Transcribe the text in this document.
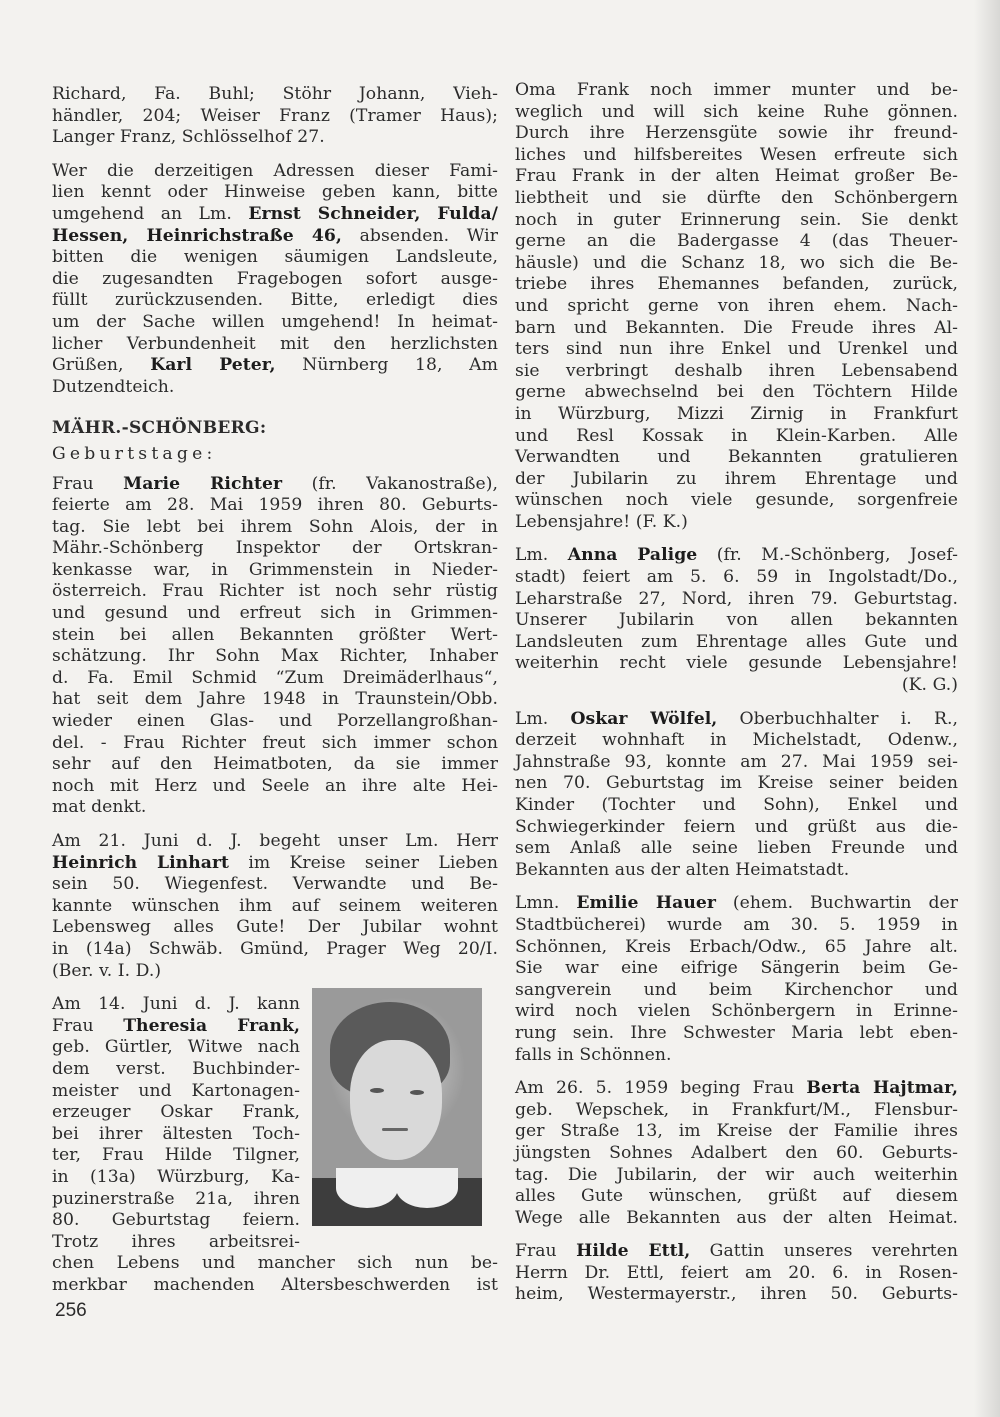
Richard, Fa. Buhl; Stöhr Johann, Vieh-
händler, 204; Weiser Franz (Tramer Haus);
Langer Franz, Schlösselhof 27.
Wer die derzeitigen Adressen dieser Fami-
lien kennt oder Hinweise geben kann, bitte
umgehend an Lm. Ernst Schneider, Fulda/
Hessen, Heinrichstraße 46, absenden. Wir
bitten die wenigen säumigen Landsleute,
die zugesandten Fragebogen sofort ausge-
füllt zurückzusenden. Bitte, erledigt dies
um der Sache willen umgehend! In heimat-
licher Verbundenheit mit den herzlichsten
Grüßen, Karl Peter, Nürnberg 18, Am
Dutzendteich.
MÄHR.-SCHÖNBERG:
Geburtstage:
Frau Marie Richter (fr. Vakanostraße),
feierte am 28. Mai 1959 ihren 80. Geburts-
tag. Sie lebt bei ihrem Sohn Alois, der in
Mähr.-Schönberg Inspektor der Ortskran-
kenkasse war, in Grimmenstein in Nieder-
österreich. Frau Richter ist noch sehr rüstig
und gesund und erfreut sich in Grimmen-
stein bei allen Bekannten größter Wert-
schätzung. Ihr Sohn Max Richter, Inhaber
d. Fa. Emil Schmid “Zum Dreimäderlhaus“,
hat seit dem Jahre 1948 in Traunstein/Obb.
wieder einen Glas- und Porzellangroßhan-
del. - Frau Richter freut sich immer schon
sehr auf den Heimatboten, da sie immer
noch mit Herz und Seele an ihre alte Hei-
mat denkt.
Am 21. Juni d. J. begeht unser Lm. Herr
Heinrich Linhart im Kreise seiner Lieben
sein 50. Wiegenfest. Verwandte und Be-
kannte wünschen ihm auf seinem weiteren
Lebensweg alles Gute! Der Jubilar wohnt
in (14a) Schwäb. Gmünd, Prager Weg 20/I.
(Ber. v. I. D.)
Am 14. Juni d. J. kann
Frau Theresia Frank,
geb. Gürtler, Witwe nach
dem verst. Buchbinder-
meister und Kartonagen-
erzeuger Oskar Frank,
bei ihrer ältesten Toch-
ter, Frau Hilde Tilgner,
in (13a) Würzburg, Ka-
puzinerstraße 21a, ihren
80. Geburtstag feiern.
Trotz ihres arbeitsrei-
chen Lebens und mancher sich nun be-
merkbar machenden Altersbeschwerden ist
Oma Frank noch immer munter und be-
weglich und will sich keine Ruhe gönnen.
Durch ihre Herzensgüte sowie ihr freund-
liches und hilfsbereites Wesen erfreute sich
Frau Frank in der alten Heimat großer Be-
liebtheit und sie dürfte den Schönbergern
noch in guter Erinnerung sein. Sie denkt
gerne an die Badergasse 4 (das Theuer-
häusle) und die Schanz 18, wo sich die Be-
triebe ihres Ehemannes befanden, zurück,
und spricht gerne von ihren ehem. Nach-
barn und Bekannten. Die Freude ihres Al-
ters sind nun ihre Enkel und Urenkel und
sie verbringt deshalb ihren Lebensabend
gerne abwechselnd bei den Töchtern Hilde
in Würzburg, Mizzi Zirnig in Frankfurt
und Resl Kossak in Klein-Karben. Alle
Verwandten und Bekannten gratulieren
der Jubilarin zu ihrem Ehrentage und
wünschen noch viele gesunde, sorgenfreie
Lebensjahre! (F. K.)
Lm. Anna Palige (fr. M.-Schönberg, Josef-
stadt) feiert am 5. 6. 59 in Ingolstadt/Do.,
Leharstraße 27, Nord, ihren 79. Geburtstag.
Unserer Jubilarin von allen bekannten
Landsleuten zum Ehrentage alles Gute und
weiterhin recht viele gesunde Lebensjahre!
(K. G.)
Lm. Oskar Wölfel, Oberbuchhalter i. R.,
derzeit wohnhaft in Michelstadt, Odenw.,
Jahnstraße 93, konnte am 27. Mai 1959 sei-
nen 70. Geburtstag im Kreise seiner beiden
Kinder (Tochter und Sohn), Enkel und
Schwiegerkinder feiern und grüßt aus die-
sem Anlaß alle seine lieben Freunde und
Bekannten aus der alten Heimatstadt.
Lmn. Emilie Hauer (ehem. Buchwartin der
Stadtbücherei) wurde am 30. 5. 1959 in
Schönnen, Kreis Erbach/Odw., 65 Jahre alt.
Sie war eine eifrige Sängerin beim Ge-
sangverein und beim Kirchenchor und
wird noch vielen Schönbergern in Erinne-
rung sein. Ihre Schwester Maria lebt eben-
falls in Schönnen.
Am 26. 5. 1959 beging Frau Berta Hajtmar,
geb. Wepschek, in Frankfurt/M., Flensbur-
ger Straße 13, im Kreise der Familie ihres
jüngsten Sohnes Adalbert den 60. Geburts-
tag. Die Jubilarin, der wir auch weiterhin
alles Gute wünschen, grüßt auf diesem
Wege alle Bekannten aus der alten Heimat.
Frau Hilde Ettl, Gattin unseres verehrten
Herrn Dr. Ettl, feiert am 20. 6. in Rosen-
heim, Westermayerstr., ihren 50. Geburts-
256
